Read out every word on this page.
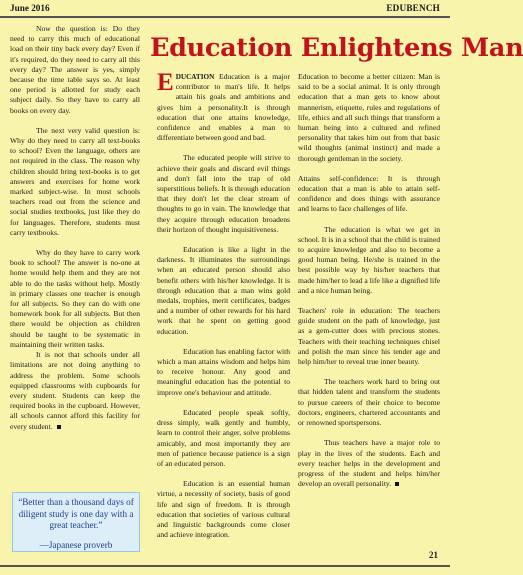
June 2016	EDUBENCH

Now the question is: Do they need to carry this much of educational load on their tiny back every day? Even if it's required, do they need to carry all this every day? The answer is yes, simply because the time table says so. At least one period is allotted for study each subject daily. So they have to carry all books on every day.

The next very valid question is: Why do they need to carry all text-books to school? Even the language, others are not required in the class. The reason why children should bring text-books is to get answers and exercises for home work marked subject-wise. In most schools teachers read out from the science and social studies textbooks, just like they do for languages. Therefore, students must carry textbooks.

Why do they have to carry work book to school? The answer is no-one at home would help them and they are not able to do the tasks without help. Mostly in primary classes one teacher is enough for all subjects. So they can do with one homework book for all subjects. But then there would be objection as children should be taught to be systematic in maintaining their written tasks.

It is not that schools under all limitations are not doing anything to address the problem. Some schools equipped classrooms with cupboards for every student. Students can keep the required books in the cupboard. However, all schools cannot afford this facility for every student.

“Better than a thousand days of diligent study is one day with a great teacher.”
—Japanese proverb
Education Enlightens Man

EDUCATION Education is a major contributor to man's life. It helps attain his goals and ambitions and gives him a personality.It is through education that one attains knowledge, confidence and enables a man to differentiate between good and bad.

The educated people will strive to achieve their goals and discard evil things and don't fall into the trap of old superstitious beliefs. It is through education that they don't let the clear stream of thoughts to go in vain. The knowledge that they acquire through education broadens their horizon of thought inquisitiveness.

Education is like a light in the darkness. It illuminates the surroundings when an educated person should also benefit others with his/her knowledge. It is through education that a man wins gold medals, trophies, merit certificates, badges and a number of other rewards for his hard work that he spent on getting good education.

Education has enabling factor with which a man attains wisdom and helps him to receive honour. Any good and meaningful education has the potential to improve one's behaviour and attitude.

Educated people speak softly, dress simply, walk gently and humbly, learn to control their anger, solve problems amicably, and most importantly they are men of patience because patience is a sign of an educated person.

Education is an essential human virtue, a necessity of society, basis of good life and sign of freedom. It is through education that societies of various cultural and linguistic backgrounds come closer and achieve integration.

Education to become a better citizen: Man is said to be a social animal. It is only through education that a man gets to know about mannerism, etiquette, rules and regulations of life, ethics and all such things that transform a human being into a cultured and refined personality that takes him out from that basic wild thoughts (animal instinct) and made a thorough gentleman in the society.

Attains self-confidence: It is through education that a man is able to attain self-confidence and does things with assurance and learns to face challenges of life.

The education is what we get in school. It is in a school that the child is trained to acquire knowledge and also to become a good human being. He/she is trained in the best possible way by his/her teachers that made him/her to lead a life like a dignified life and a nice human being.

Teachers' role in education: The teachers guide student on the path of knowledge, just as a gem-cutter does with precious stones. Teachers with their teaching techniques chisel and polish the man since his tender age and help him/her to reveal true inner beauty.

The teachers work hard to bring out that hidden talent and transform the students to pursue careers of their choice to become doctors, engineers, chartered accountants and or renowned sportspersons.

Thus teachers have a major role to play in the lives of the students. Each and every teacher helps in the development and progress of the student and helps him/her develop an overall personality.

21
